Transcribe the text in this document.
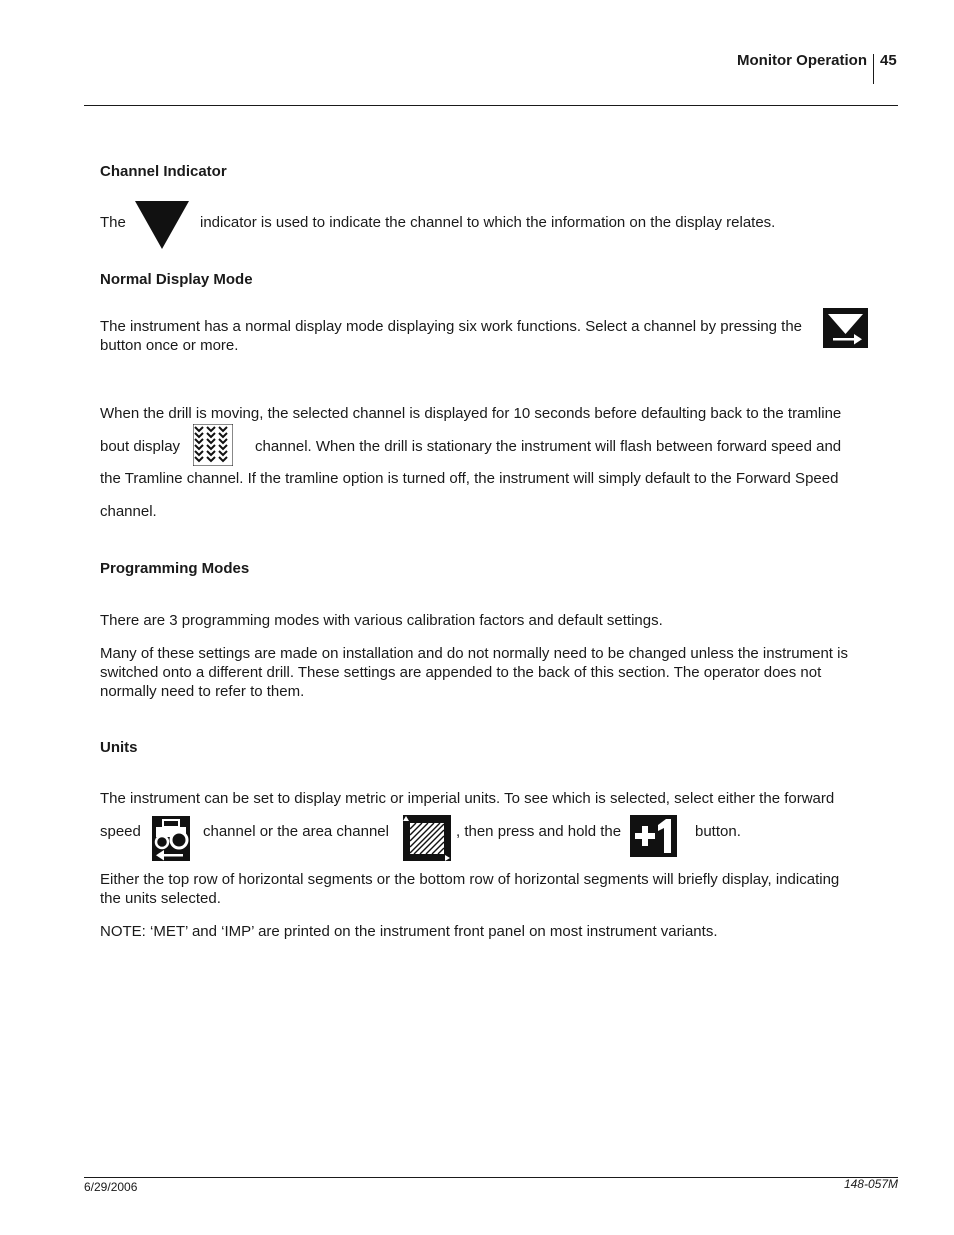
Monitor Operation 45
Channel Indicator
The	indicator is used to indicate the channel to which the information on the display relates.
Normal Display Mode
The instrument has a normal display mode displaying six work functions. Select a channel by pressing the button once or more.
When the drill is moving, the selected channel is displayed for 10 seconds before defaulting back to the tramline
bout display	channel. When the drill is stationary the instrument will flash between forward speed and
the Tramline channel. If the tramline option is turned off, the instrument will simply default to the Forward Speed
channel.
Programming Modes
There are 3 programming modes with various calibration factors and default settings.
Many of these settings are made on installation and do not normally need to be changed unless the instrument is switched onto a different drill. These settings are appended to the back of this section. The operator does not normally need to refer to them.
Units
The instrument can be set to display metric or imperial units. To see which is selected, select either the forward
speed	channel or the area channel	, then press and hold the	button.
Either the top row of horizontal segments or the bottom row of horizontal segments will briefly display, indicating the units selected.
NOTE: ‘MET’ and ‘IMP’ are printed on the instrument front panel on most instrument variants.
6/29/2006	148-057M
